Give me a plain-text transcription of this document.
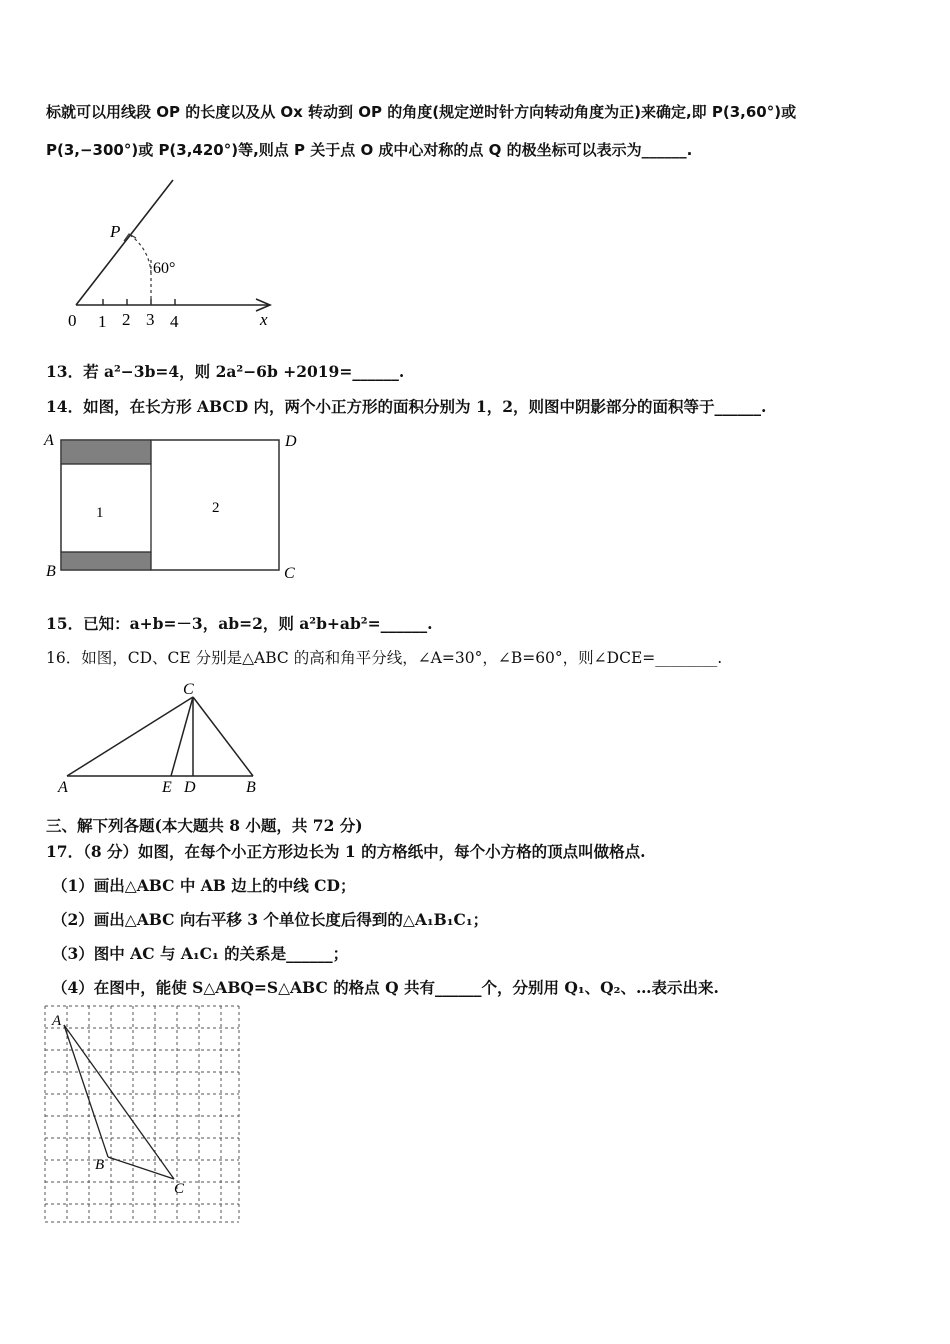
标就可以用线段 OP 的长度以及从 Ox 转动到 OP 的角度(规定逆时针方向转动角度为正)来确定,即 P(3,60°)或
P(3,−300°)或 P(3,420°)等,则点 P 关于点 O 成中心对称的点 Q 的极坐标可以表示为______.
P
60°
0 1 2 3 4	x
13．若 a²−3b=4，则 2a²−6b +2019=______.
14．如图，在长方形 ABCD 内，两个小正方形的面积分别为 1，2，则图中阴影部分的面积等于______.
A
B	C
D
1	2
15．已知：a+b=－3，ab=2，则 a²b+ab²=______.
16．如图，CD、CE 分别是△ABC 的高和角平分线，∠A=30°，∠B=60°，则∠DCE=________.
C
A	E D	B
三、解下列各题(本大题共 8 小题，共 72 分)
17．（8 分）如图，在每个小正方形边长为 1 的方格纸中，每个小方格的顶点叫做格点.
（1）画出△ABC 中 AB 边上的中线 CD；
（2）画出△ABC 向右平移 3 个单位长度后得到的△A₁B₁C₁；
（3）图中 AC 与 A₁C₁ 的关系是______；
（4）在图中，能使 S△ABQ=S△ABC 的格点 Q 共有______个，分别用 Q₁、Q₂、…表示出来.
A
B
C
